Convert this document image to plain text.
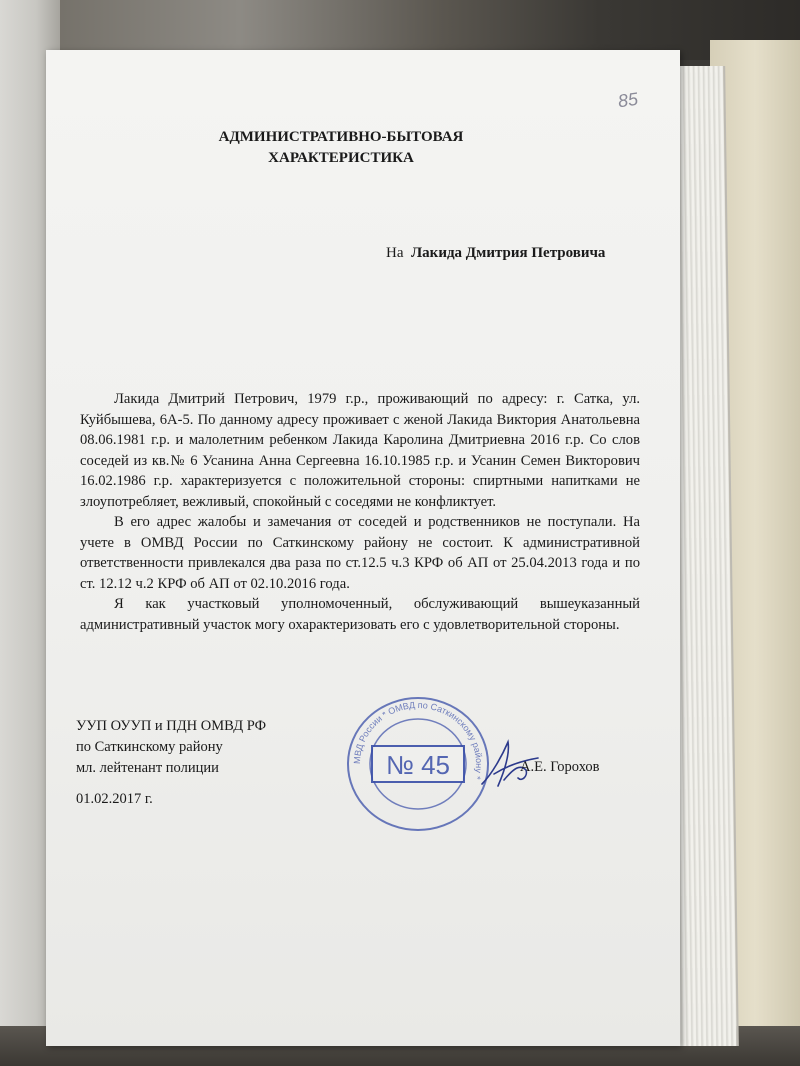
85
АДМИНИСТРАТИВНО-БЫТОВАЯ
ХАРАКТЕРИСТИКА
На Лакида Дмитрия Петровича

Лакида Дмитрий Петрович, 1979 г.р., проживающий по адресу: г. Сатка, ул. Куйбышева, 6А-5. По данному адресу проживает с женой Лакида Виктория Анатольевна 08.06.1981 г.р. и малолетним ребенком Лакида Каролина Дмитриевна 2016 г.р. Со слов соседей из кв.№ 6 Усанина Анна Сергеевна 16.10.1985 г.р. и Усанин Семен Викторович 16.02.1986 г.р. характеризуется с положительной стороны: спиртными напитками не злоупотребляет, вежливый, спокойный с соседями не конфликтует.

В его адрес жалобы и замечания от соседей и родственников не поступали. На учете в ОМВД России по Саткинскому району не состоит. К административной ответственности привлекался два раза по ст.12.5 ч.3 КРФ об АП от 25.04.2013 года и по ст. 12.12 ч.2 КРФ об АП от 02.10.2016 года.

Я как участковый уполномоченный, обслуживающий вышеуказанный административный участок могу охарактеризовать его с удовлетворительной стороны.

УУП ОУУП и ПДН ОМВД РФ
по Саткинскому району
мл. лейтенант полиции	МВД России * ОМВД по Саткинскому району *
№ 45	А.Е. Горохов
01.02.2017 г.
